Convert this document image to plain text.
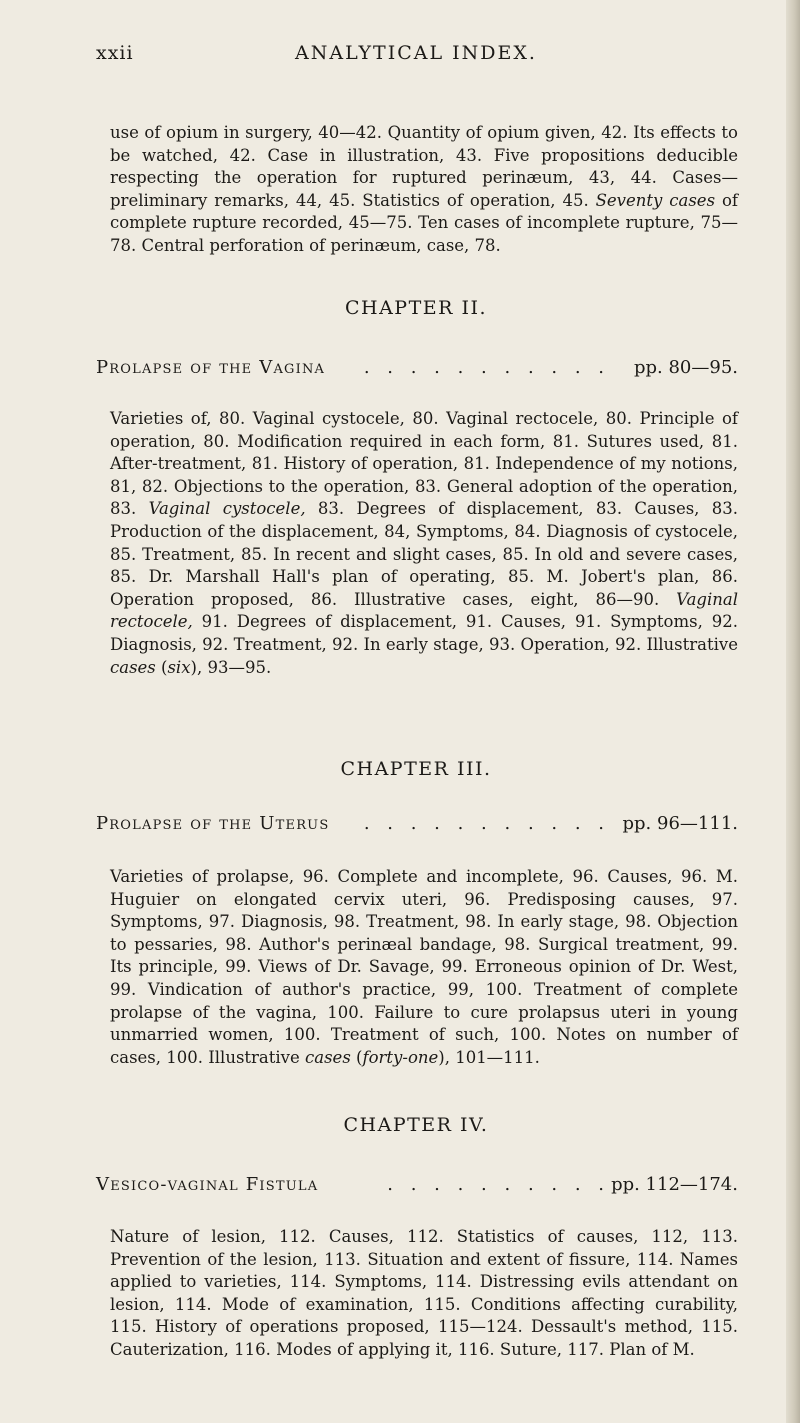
xxii	ANALYTICAL INDEX.

use of opium in surgery, 40—42. Quantity of opium given, 42. Its effects to be watched, 42. Case in illustration, 43. Five propositions deducible respecting the operation for ruptured perinæum, 43, 44. Cases—preliminary remarks, 44, 45. Statistics of operation, 45. Seventy cases of complete rupture recorded, 45—75. Ten cases of incomplete rupture, 75—78. Central perforation of perinæum, case, 78.

CHAPTER II.
Prolapse of the Vagina	. . . . . . . . . . .	pp. 80—95.

Varieties of, 80. Vaginal cystocele, 80. Vaginal rectocele, 80. Principle of operation, 80. Modification required in each form, 81. Sutures used, 81. After-treatment, 81. History of operation, 81. Independence of my notions, 81, 82. Objections to the operation, 83. General adoption of the operation, 83. Vaginal cystocele, 83. Degrees of displacement, 83. Causes, 83. Production of the displacement, 84, Symptoms, 84. Diagnosis of cystocele, 85. Treatment, 85. In recent and slight cases, 85. In old and severe cases, 85. Dr. Marshall Hall's plan of operating, 85. M. Jobert's plan, 86. Operation proposed, 86. Illustrative cases, eight, 86—90. Vaginal rectocele, 91. Degrees of displacement, 91. Causes, 91. Symptoms, 92. Diagnosis, 92. Treatment, 92. In early stage, 93. Operation, 92. Illustrative cases (six), 93—95.

CHAPTER III.
Prolapse of the Uterus	. . . . . . . . . . . pp. 96—111.

Varieties of prolapse, 96. Complete and incomplete, 96. Causes, 96. M. Huguier on elongated cervix uteri, 96. Predisposing causes, 97. Symptoms, 97. Diagnosis, 98. Treatment, 98. In early stage, 98. Objection to pessaries, 98. Author's perinæal bandage, 98. Surgical treatment, 99. Its principle, 99. Views of Dr. Savage, 99. Erroneous opinion of Dr. West, 99. Vindication of author's practice, 99, 100. Treatment of complete prolapse of the vagina, 100. Failure to cure prolapsus uteri in young unmarried women, 100. Treatment of such, 100. Notes on number of cases, 100. Illustrative cases (forty-one), 101—111.

CHAPTER IV.
Vesico-vaginal Fistula	. . . . . . . . . . pp. 112—174.

Nature of lesion, 112. Causes, 112. Statistics of causes, 112, 113. Prevention of the lesion, 113. Situation and extent of fissure, 114. Names applied to varieties, 114. Symptoms, 114. Distressing evils attendant on lesion, 114. Mode of examination, 115. Conditions affecting curability, 115. History of operations proposed, 115—124. Dessault's method, 115. Cauterization, 116. Modes of applying it, 116. Suture, 117. Plan of M.
